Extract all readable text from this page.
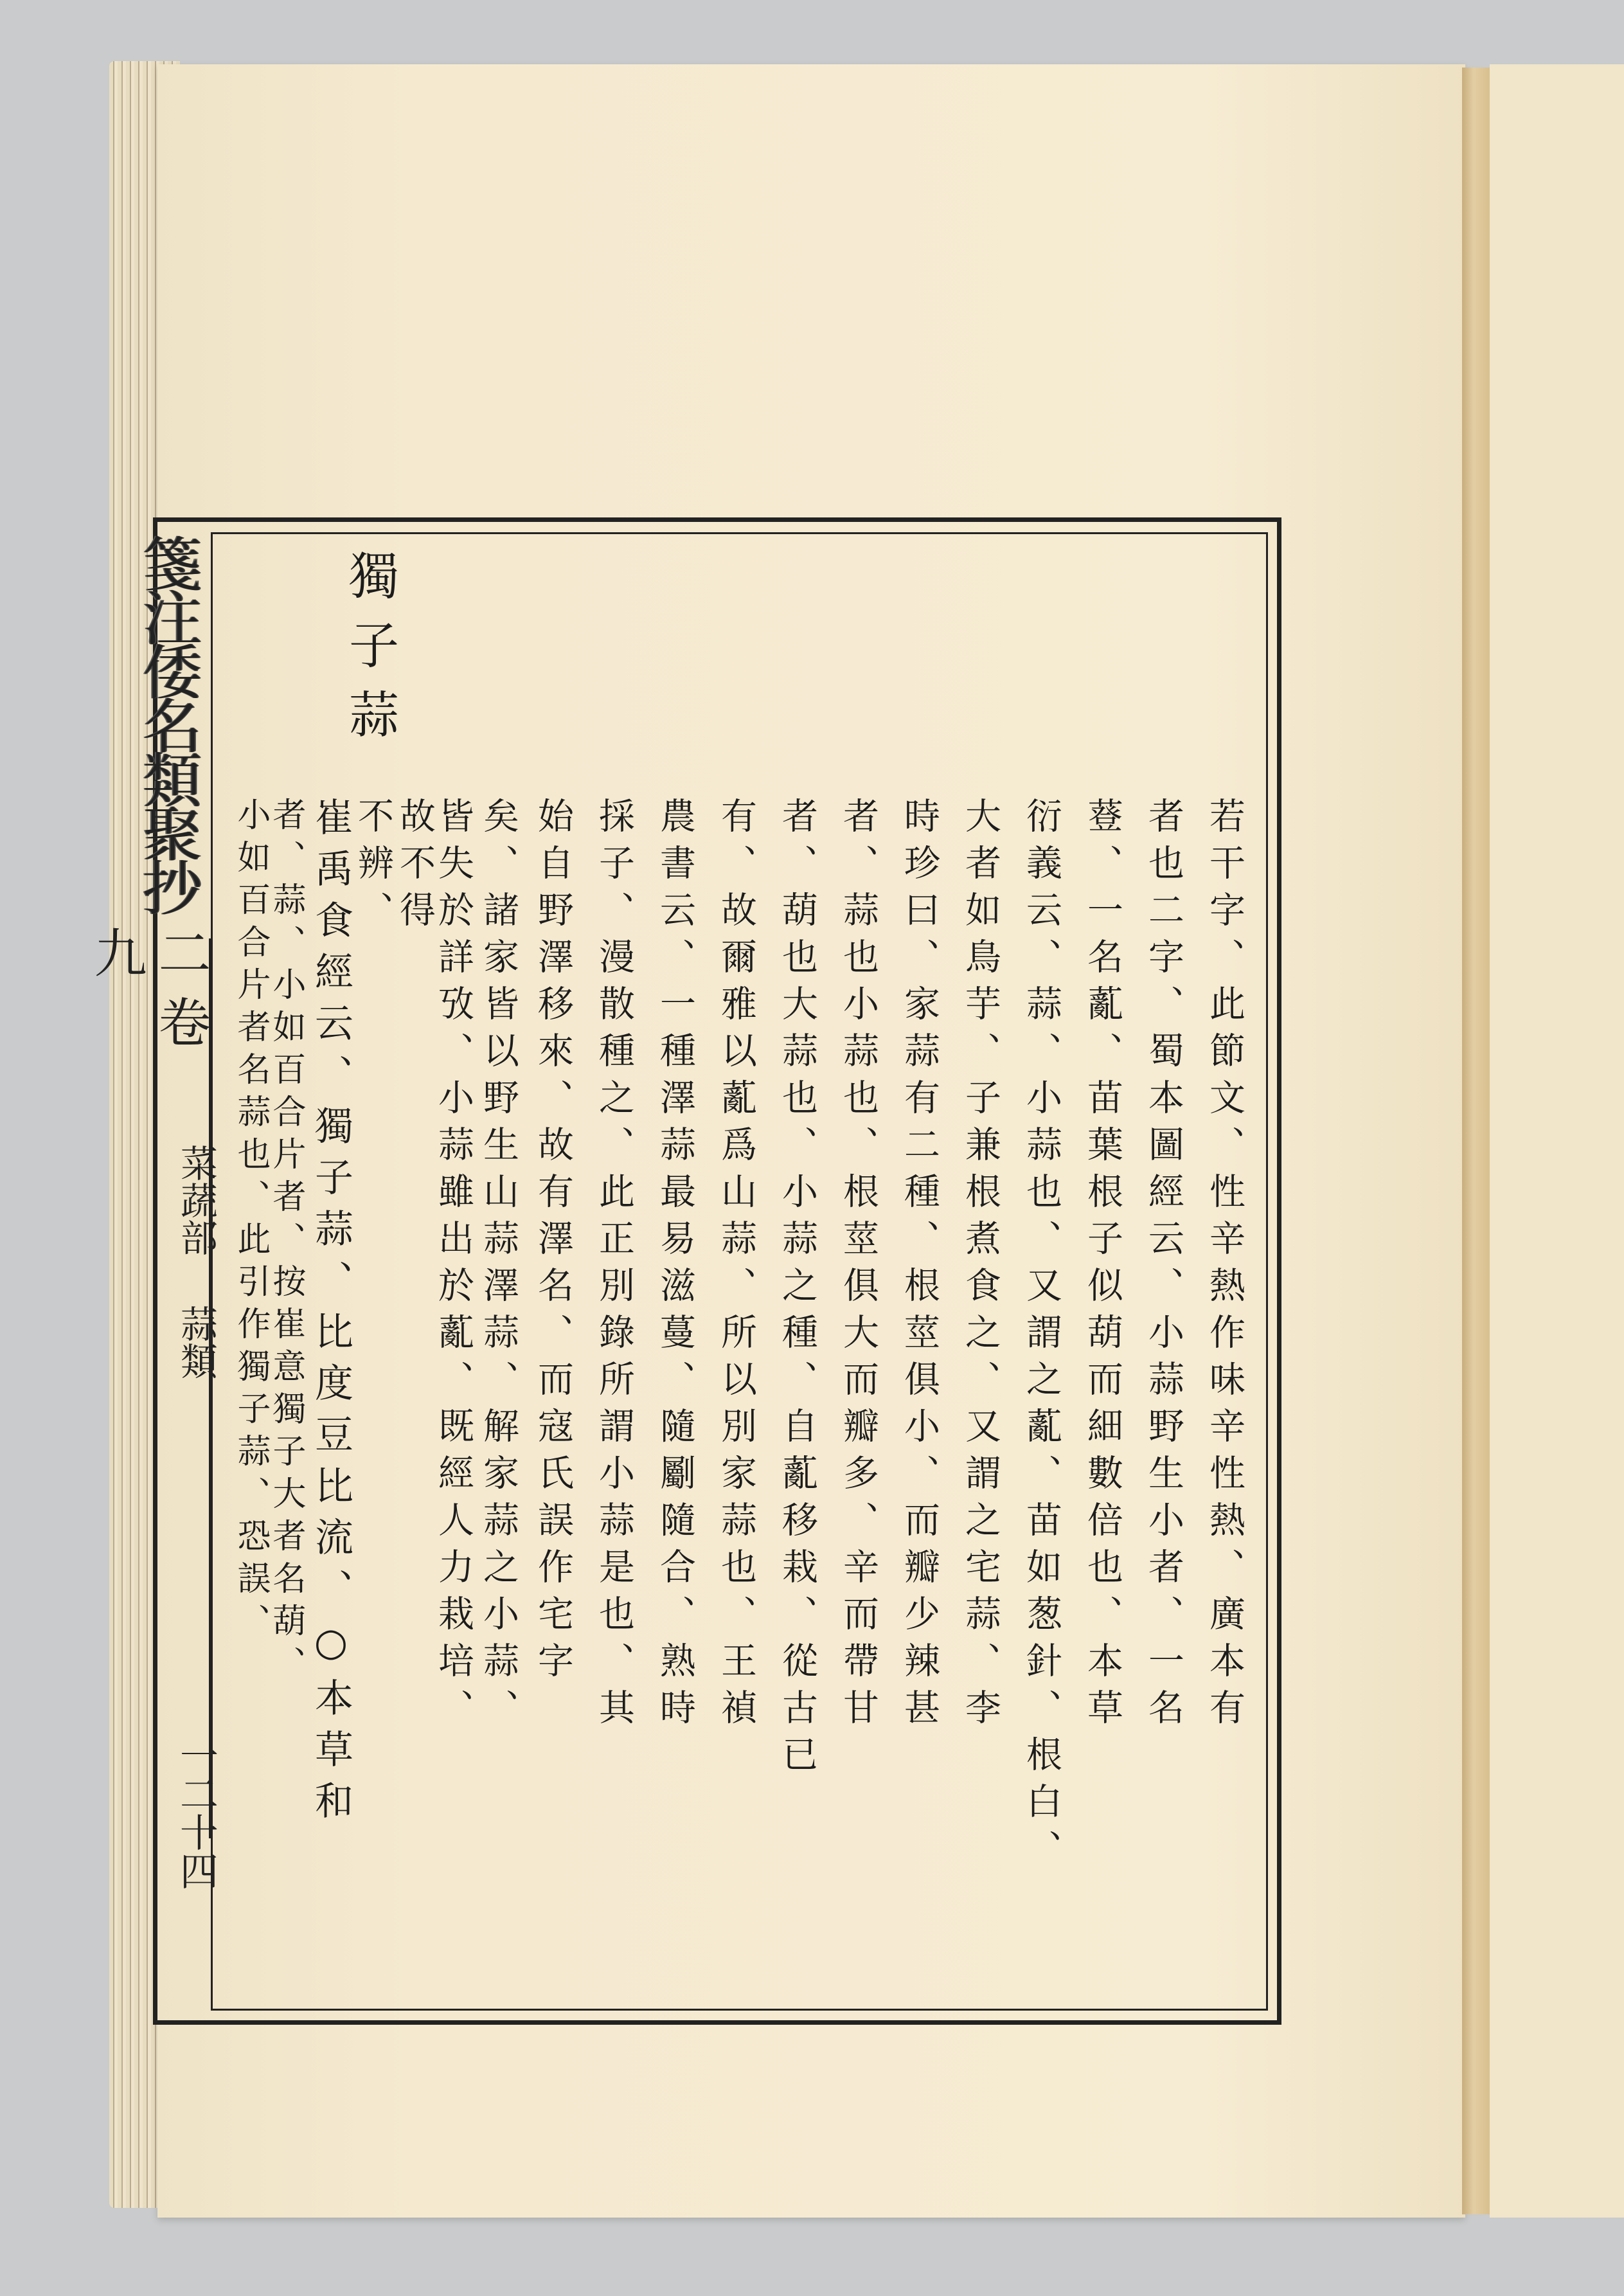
箋注倭名類聚抄
二 卷九
菜蔬部
蒜類
一二十四
獨子蒜
若干字、此節文、性辛熱作味辛性熱、廣本有
者也二字、蜀本圖經云、小蒜野生小者、一名
䔲、一名薍、苗葉根子似葫而細數倍也、本草
衍義云、蒜、小蒜也、又謂之薍、苗如葱針、根白、
大者如鳥芋、子兼根煮食之、又謂之宅蒜、李
時珍曰、家蒜有二種、根莖俱小、而瓣少辣甚
者、蒜也小蒜也、根莖俱大而瓣多、辛而帶甘
者、葫也大蒜也、小蒜之種、自薍移栽、從古已
有、故爾雅以薍爲山蒜、所以別家蒜也、王禎
農書云、一種澤蒜最易滋蔓、隨劚隨合、熟時
採子、漫散種之、此正別錄所謂小蒜是也、其
始自野澤移來、故有澤名、而寇氏誤作宅字
矣、諸家皆以野生山蒜澤蒜、解家蒜之小蒜、
皆失於詳攷、小蒜雖出於薍、既經人力栽培、
崔禹食經云、獨子蒜、比度豆比流、○本草和
者、蒜、小如百合片者、按崔意獨子大者名葫、
小如百合片者名蒜也、此引作獨子蒜、恐誤、	故不得
不辨、
